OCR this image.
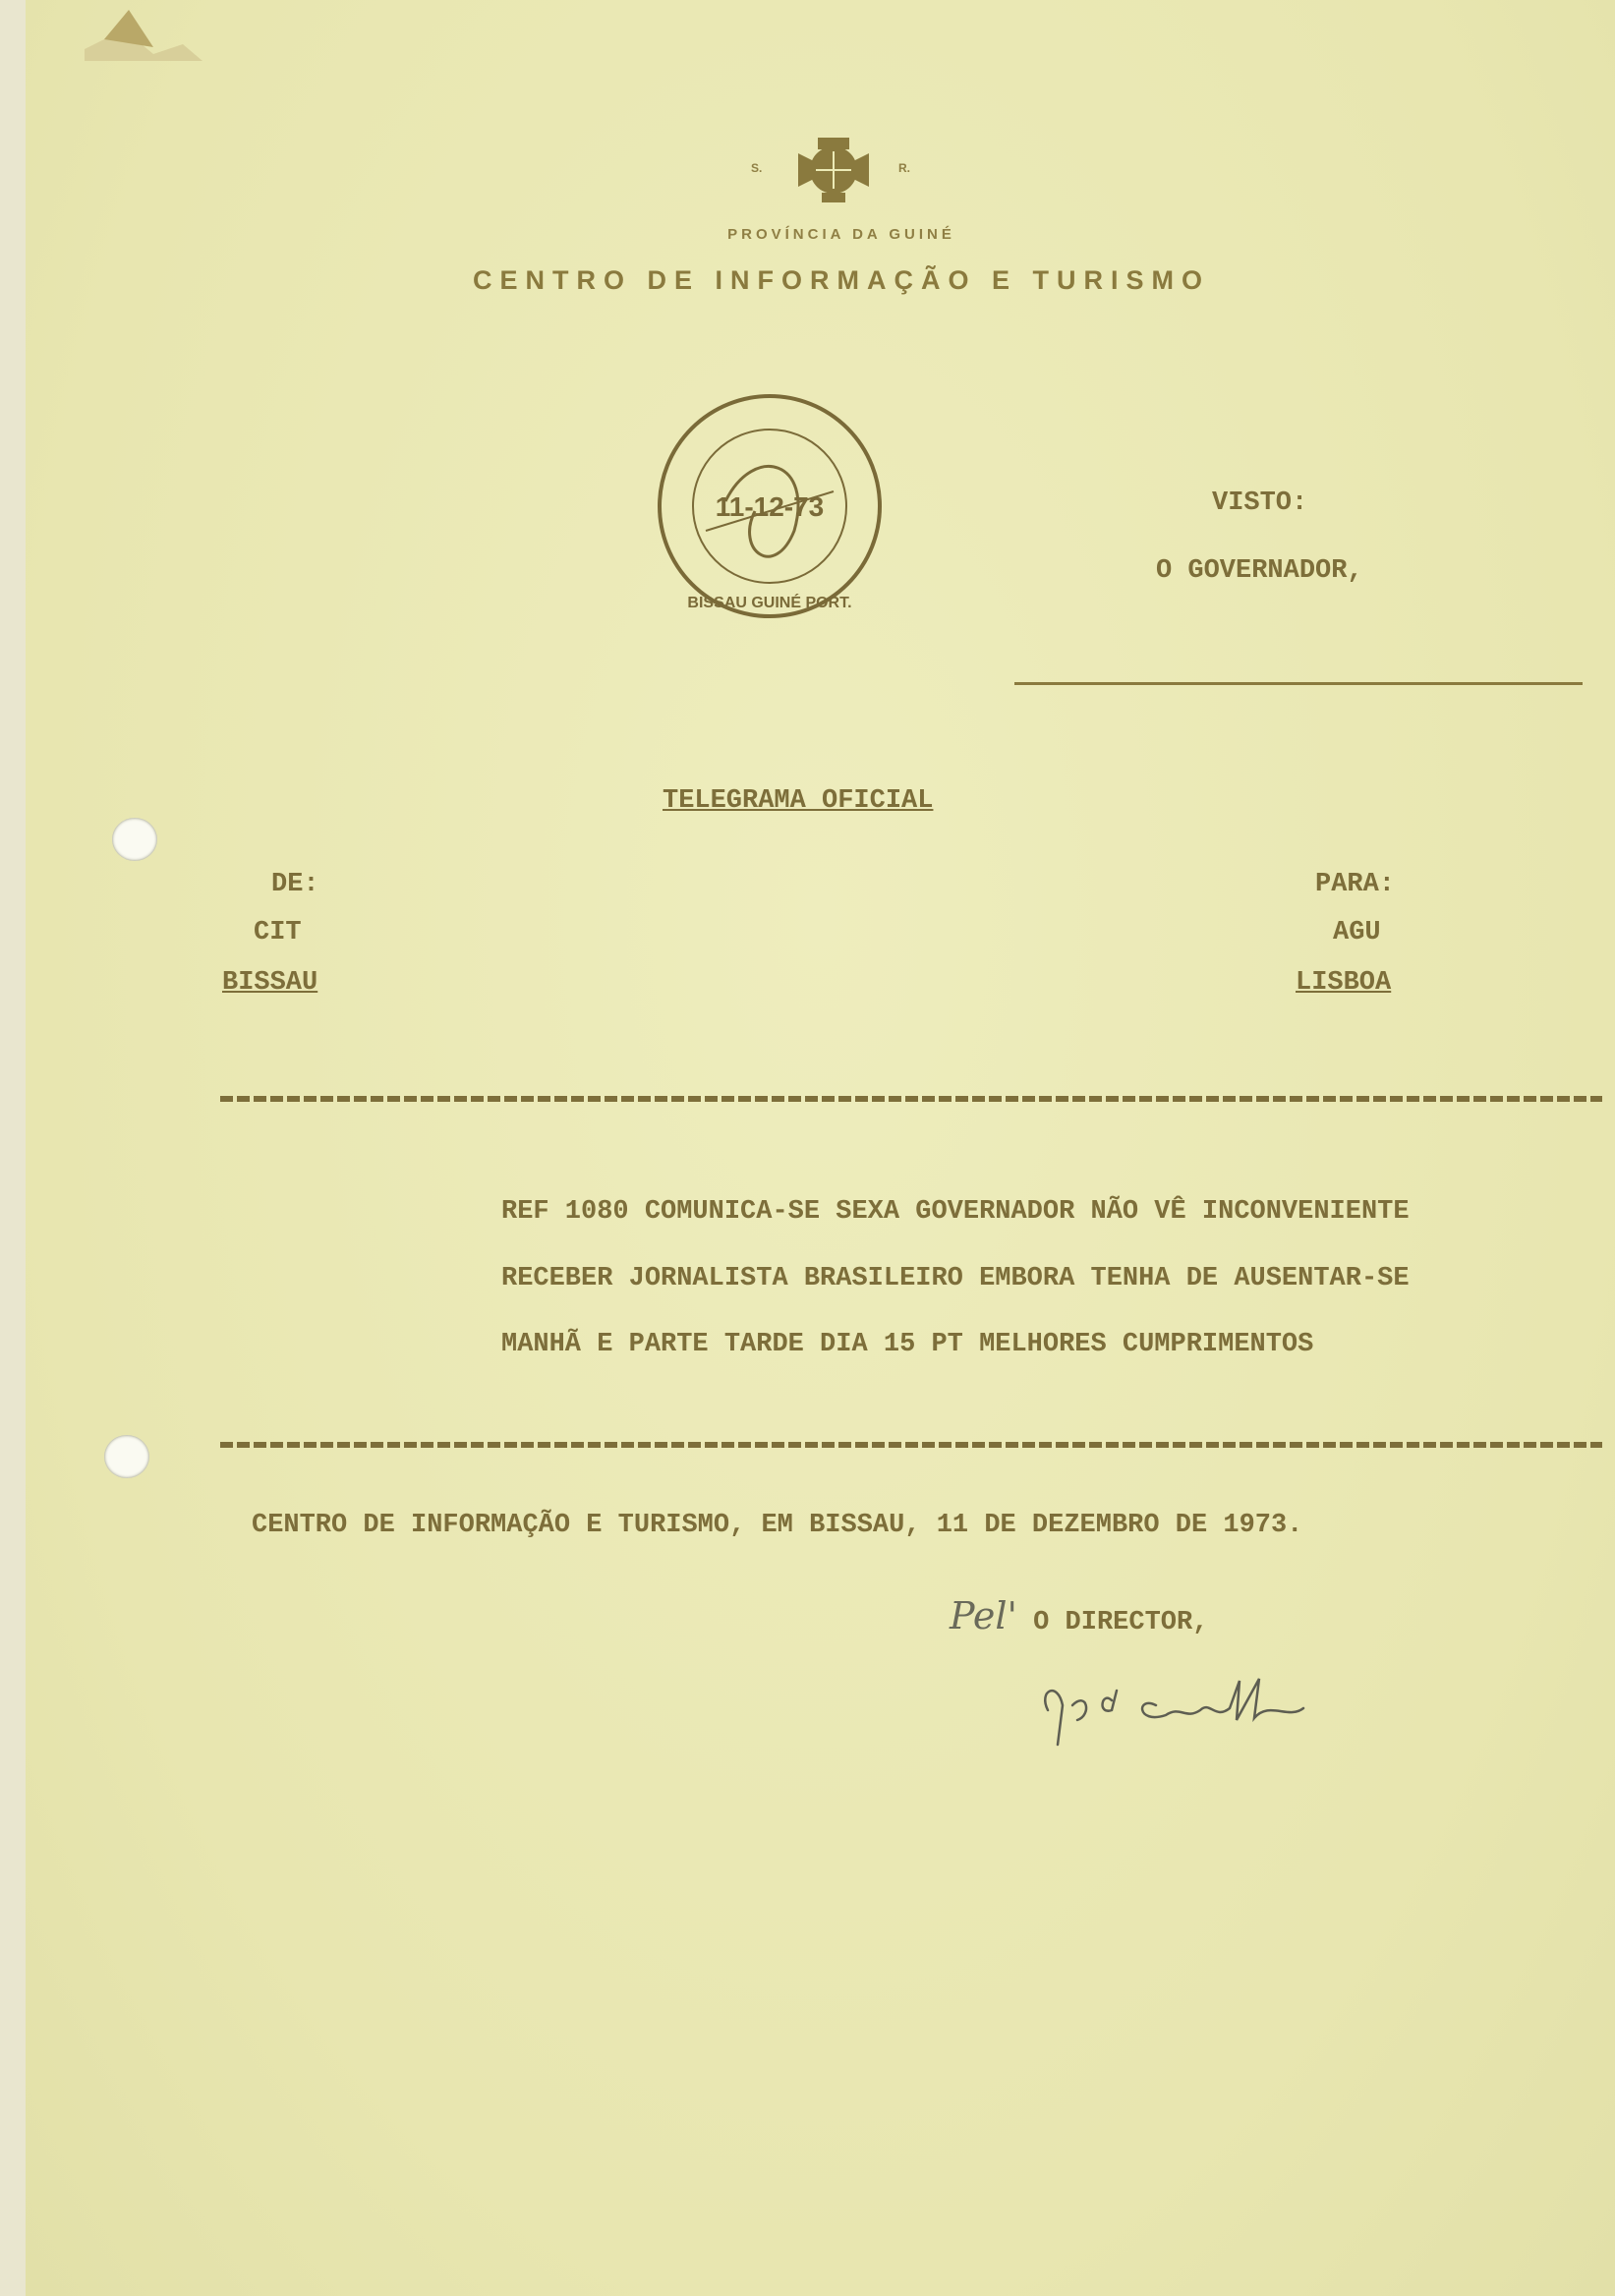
S.	R.
PROVÍNCIA DA GUINÉ
CENTRO DE INFORMAÇÃO E TURISMO
11-12-73
BISSAU GUINÉ PORT.
VISTO:
O GOVERNADOR,
TELEGRAMA OFICIAL
DE:
CIT
BISSAU
PARA:
AGU
LISBOA
REF 1080 COMUNICA-SE SEXA GOVERNADOR NÃO VÊ INCONVENIENTE
RECEBER JORNALISTA BRASILEIRO EMBORA TENHA DE AUSENTAR-SE
MANHÃ E PARTE TARDE DIA 15 PT MELHORES CUMPRIMENTOS
CENTRO DE INFORMAÇÃO E TURISMO, EM BISSAU, 11 DE DEZEMBRO DE 1973.
Pel' O DIRECTOR,
